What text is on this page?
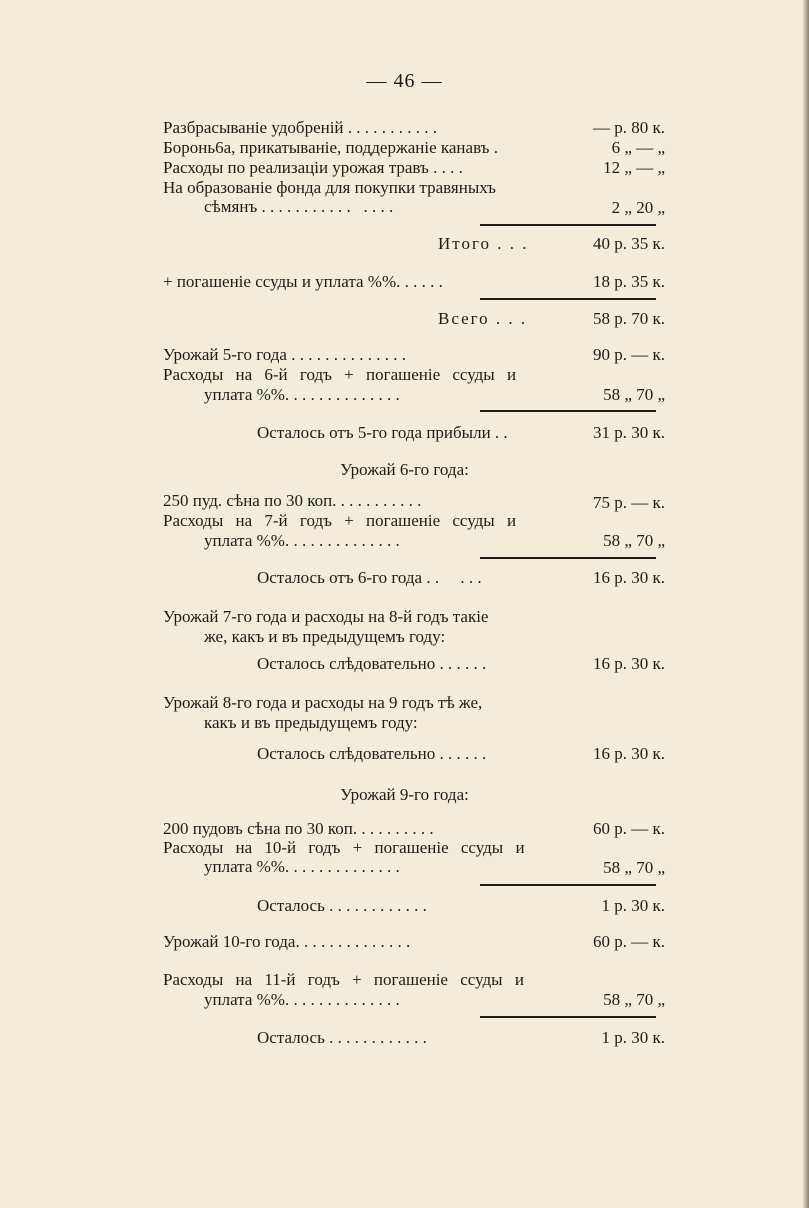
— 46 —
Разбрасываніе удобреній . . . . . . . . . . .	— р. 80 к.
Боронь6а, прикатываніе, поддержаніе канавъ .	6 „ — „
Расходы по реализаціи урожая травъ . . . .	12 „ — „
На образованіе фонда для покупки травяныхъ
сѣмянъ . . . . . . . . . . .   . . . .	2 „ 20 „
Итого . . .	40 р. 35 к.
+ погашеніе ссуды и уплата %%. . . . . .	18 р. 35 к.
Всего . . .	58 р. 70 к.
Урожай 5-го года . . . . . . . . . . . . . .	90 р. — к.
Расходы на 6-й годъ + погашеніе ссуды и
уплата %%. . . . . . . . . . . . . .	58 „ 70 „
Осталось отъ 5-го года прибыли . .	31 р. 30 к.
Урожай 6-го года:
250 пуд. сѣна по 30 коп. . . . . . . . . . .	75 р. — к.
Расходы на 7-й годъ + погашеніе ссуды и
уплата %%. . . . . . . . . . . . . .	58 „ 70 „
Осталось отъ 6-го года . .     . . .	16 р. 30 к.
Урожай 7-го года и расходы на 8-й годъ такіе
же, какъ и въ предыдущемъ году:
Осталось слѣдовательно . . . . . .	16 р. 30 к.
Урожай 8-го года и расходы на 9 годъ тѣ же,
какъ и въ предыдущемъ году:
Осталось слѣдовательно . . . . . .	16 р. 30 к.
Урожай 9-го года:
200 пудовъ сѣна по 30 коп. . . . . . . . . .	60 р. — к.
Расходы на 10-й годъ + погашеніе ссуды и
уплата %%. . . . . . . . . . . . . .	58 „ 70 „
Осталось . . . . . . . . . . . .	1 р. 30 к.
Урожай 10-го года. . . . . . . . . . . . . .	60 р. — к.
Расходы на 11-й годъ + погашеніе ссуды и
уплата %%. . . . . . . . . . . . . .	58 „ 70 „
Осталось . . . . . . . . . . . .	1 р. 30 к.
